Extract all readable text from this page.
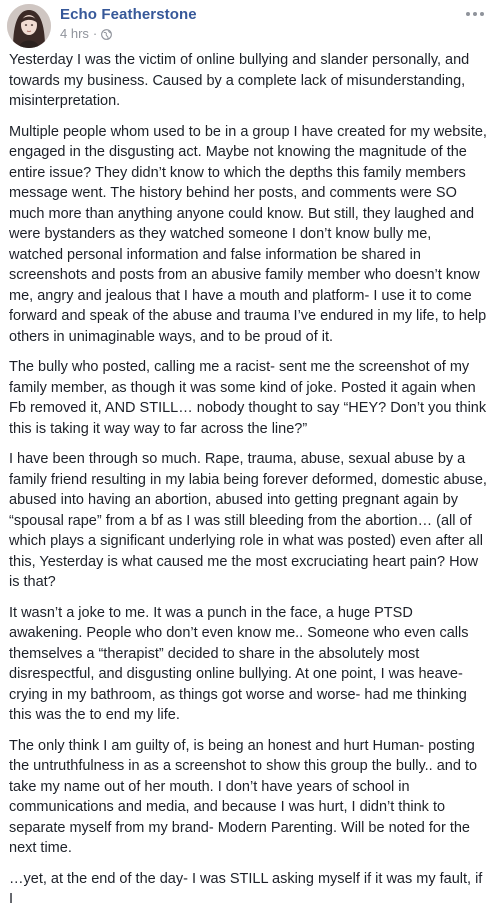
Echo Featherstone
4 hrs ·

Yesterday I was the victim of online bullying and slander personally, and towards my business. Caused by a complete lack of misunderstanding, misinterpretation.

Multiple people whom used to be in a group I have created for my website, engaged in the disgusting act. Maybe not knowing the magnitude of the entire issue? They didn’t know to which the depths this family members message went. The history behind her posts, and comments were SO much more than anything anyone could know. But still, they laughed and were bystanders as they watched someone I don’t know bully me, watched personal information and false information be shared in screenshots and posts from an abusive family member who doesn’t know me, angry and jealous that I have a mouth and platform- I use it to come forward and speak of the abuse and trauma I’ve endured in my life, to help others in unimaginable ways, and to be proud of it.

The bully who posted, calling me a racist- sent me the screenshot of my family member, as though it was some kind of joke. Posted it again when Fb removed it, AND STILL… nobody thought to say “HEY? Don’t you think this is taking it way way to far across the line?”

I have been through so much. Rape, trauma, abuse, sexual abuse by a family friend resulting in my labia being forever deformed, domestic abuse, abused into having an abortion, abused into getting pregnant again by “spousal rape” from a bf as I was still bleeding from the abortion… (all of which plays a significant underlying role in what was posted) even after all this, Yesterday is what caused me the most excruciating heart pain? How is that?

It wasn’t a joke to me. It was a punch in the face, a huge PTSD awakening. People who don’t even know me.. Someone who even calls themselves a “therapist” decided to share in the absolutely most disrespectful, and disgusting online bullying. At one point, I was heave-crying in my bathroom, as things got worse and worse- had me thinking this was the to end my life.

The only think I am guilty of, is being an honest and hurt Human- posting the untruthfulness in as a screenshot to show this group the bully.. and to take my name out of her mouth. I don’t have years of school in communications and media, and because I was hurt, I didn’t think to separate myself from my brand- Modern Parenting. Will be noted for the next time.

…yet, at the end of the day- I was STILL asking myself if it was my fault, if I
